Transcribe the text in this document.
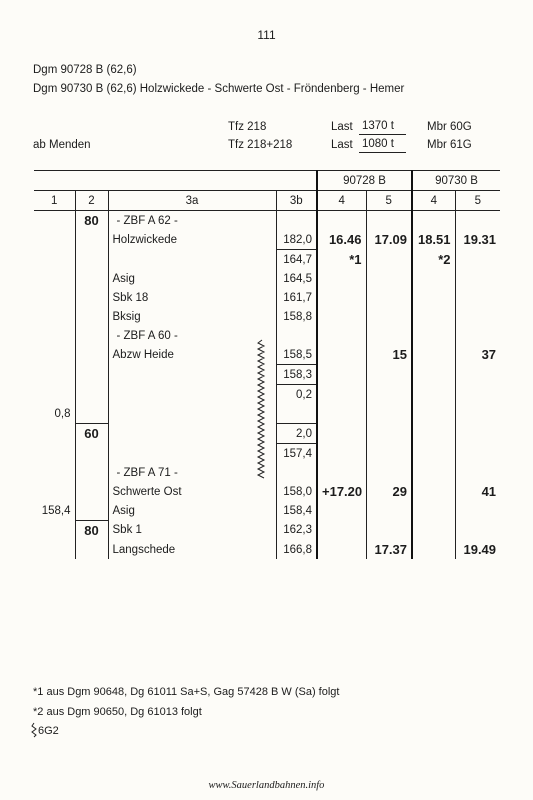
111
Dgm 90728 B (62,6)
Dgm 90730 B (62,6) Holzwickede - Schwerte Ost - Fröndenberg - Hemer
Tfz 218	Last 1370 t	Mbr 60G
ab Menden	Tfz 218+218	Last 1080 t	Mbr 61G
				90728 B		90730 B	
1	2	3a	3b	4	5	4	5
	80	- ZBF A 62 -					
		Holzwickede	182,0	16.46	17.09	18.51	19.31
			164,7	*1		*2	
		Asig	164,5				
		Sbk 18	161,7				
		Bksig	158,8				
		- ZBF A 60 -					
		Abzw Heide	158,5		15		37
			158,3				
			0,2				
0,8							
	60		2,0				
			157,4				
		- ZBF A 71 -					
		Schwerte Ost	158,0	+17.20	29		41
158,4		Asig	158,4				
	80	Sbk 1	162,3				
		Langschede	166,8		17.37		19.49
*1 aus Dgm 90648, Dg 61011 Sa+S, Gag 57428 B W (Sa) folgt
*2 aus Dgm 90650, Dg 61013 folgt
6G2
www.Sauerlandbahnen.info
